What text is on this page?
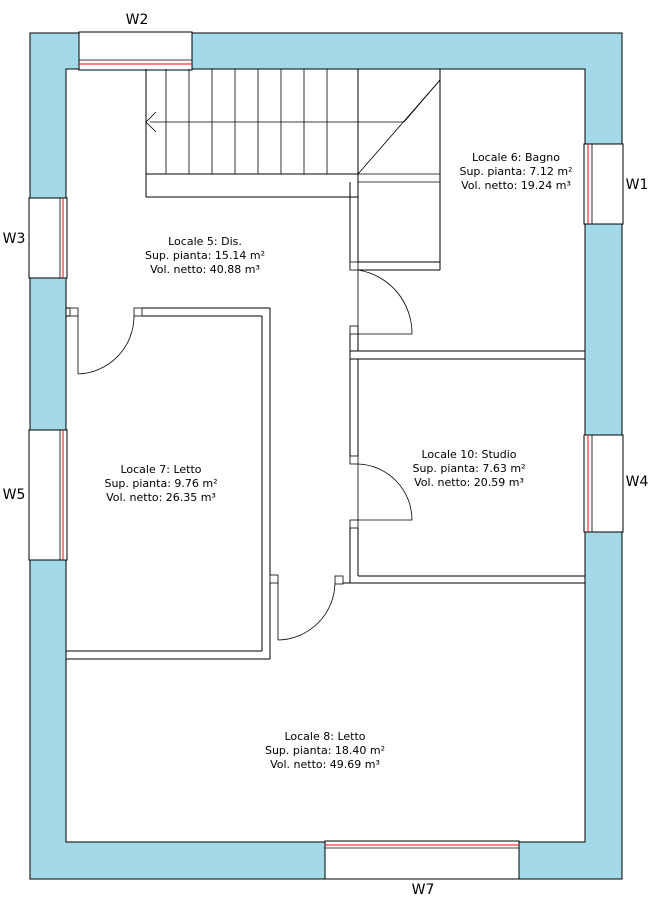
Locale 5: Dis.
Sup. pianta: 15.14 m²
Vol. netto: 40.88 m³
Locale 6: Bagno
Sup. pianta: 7.12 m²
Vol. netto: 19.24 m³
Locale 7: Letto
Sup. pianta: 9.76 m²
Vol. netto: 26.35 m³
Locale 10: Studio
Sup. pianta: 7.63 m²
Vol. netto: 20.59 m³
Locale 8: Letto
Sup. pianta: 18.40 m²
Vol. netto: 49.69 m³
W2
W1
W3
W4
W5
W7
